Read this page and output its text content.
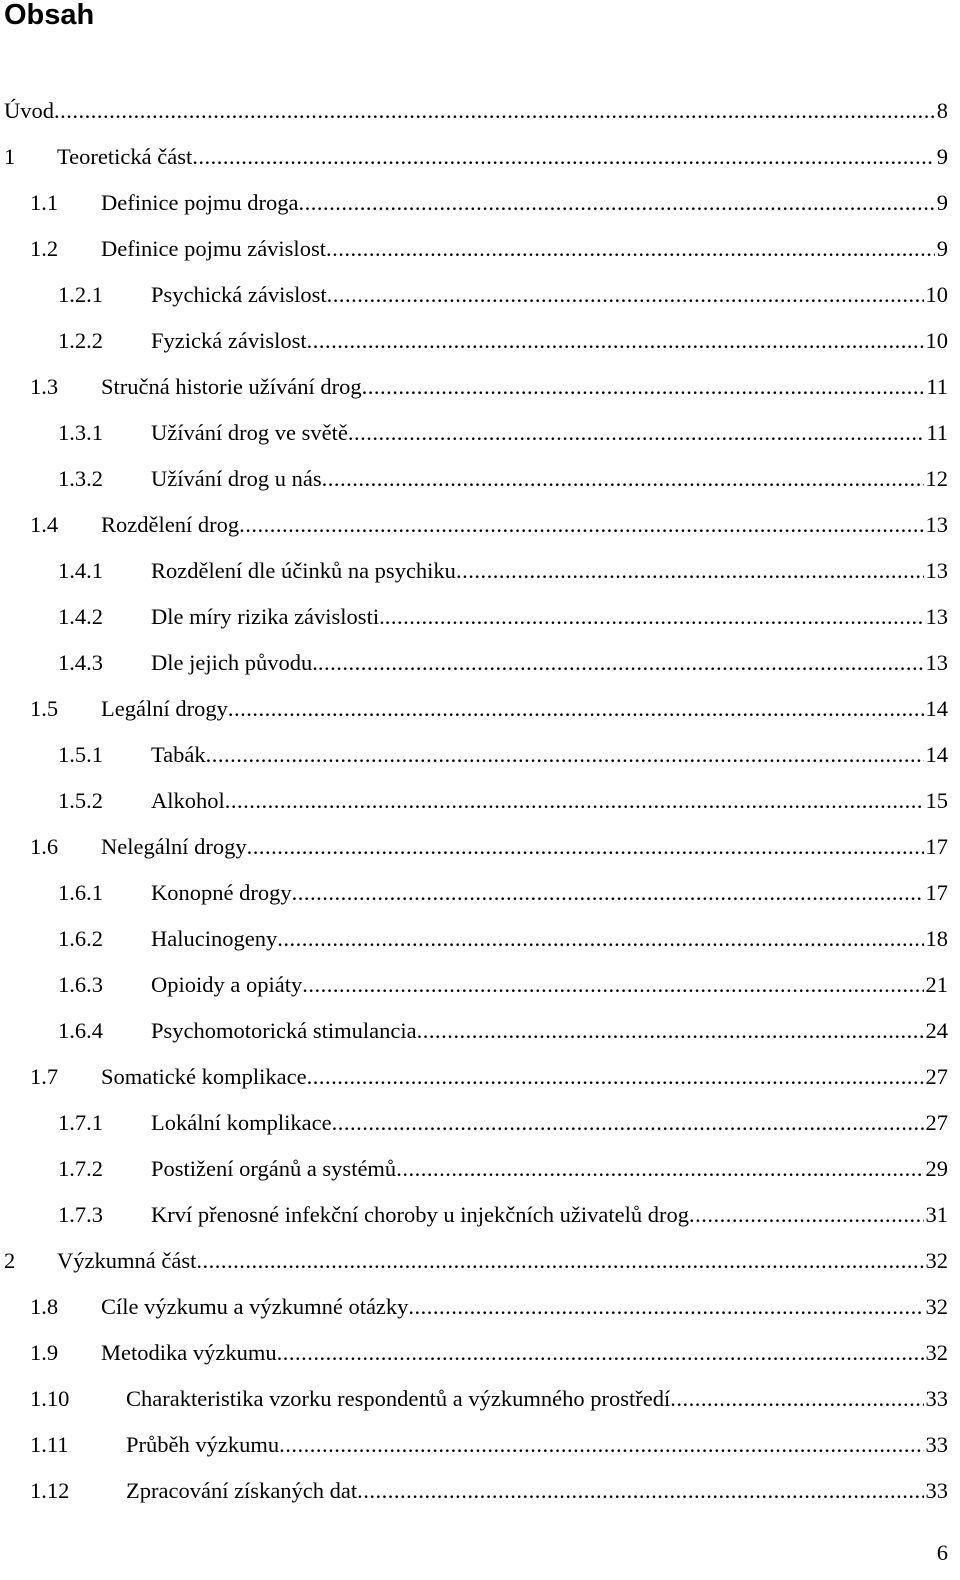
Obsah
Úvod .....	8
1	Teoretická část .....	9
1.1	Definice pojmu droga .....	9
1.2	Definice pojmu závislost .....	9
1.2.1	Psychická závislost .....	10
1.2.2	Fyzická závislost .....	10
1.3	Stručná historie užívání drog .....	11
1.3.1	Užívání drog ve světě .....	11
1.3.2	Užívání drog u nás .....	12
1.4	Rozdělení drog .....	13
1.4.1	Rozdělení dle účinků na psychiku .....	13
1.4.2	Dle míry rizika závislosti. .....	13
1.4.3	Dle jejich původu. .....	13
1.5	Legální drogy .....	14
1.5.1	Tabák .....	14
1.5.2	Alkohol .....	15
1.6	Nelegální drogy .....	17
1.6.1	Konopné drogy .....	17
1.6.2	Halucinogeny .....	18
1.6.3	Opioidy a opiáty .....	21
1.6.4	Psychomotorická stimulancia .....	24
1.7	Somatické komplikace .....	27
1.7.1	Lokální komplikace .....	27
1.7.2	Postižení orgánů a systémů .....	29
1.7.3	Krví přenosné infekční choroby u injekčních uživatelů drog .....	31
2	Výzkumná část .....	32
1.8	Cíle výzkumu a výzkumné otázky .....	32
1.9	Metodika výzkumu .....	32
1.10	Charakteristika vzorku respondentů a výzkumného prostředí .....	33
1.11	Průběh výzkumu .....	33
1.12	Zpracování získaných dat .....	33
6
